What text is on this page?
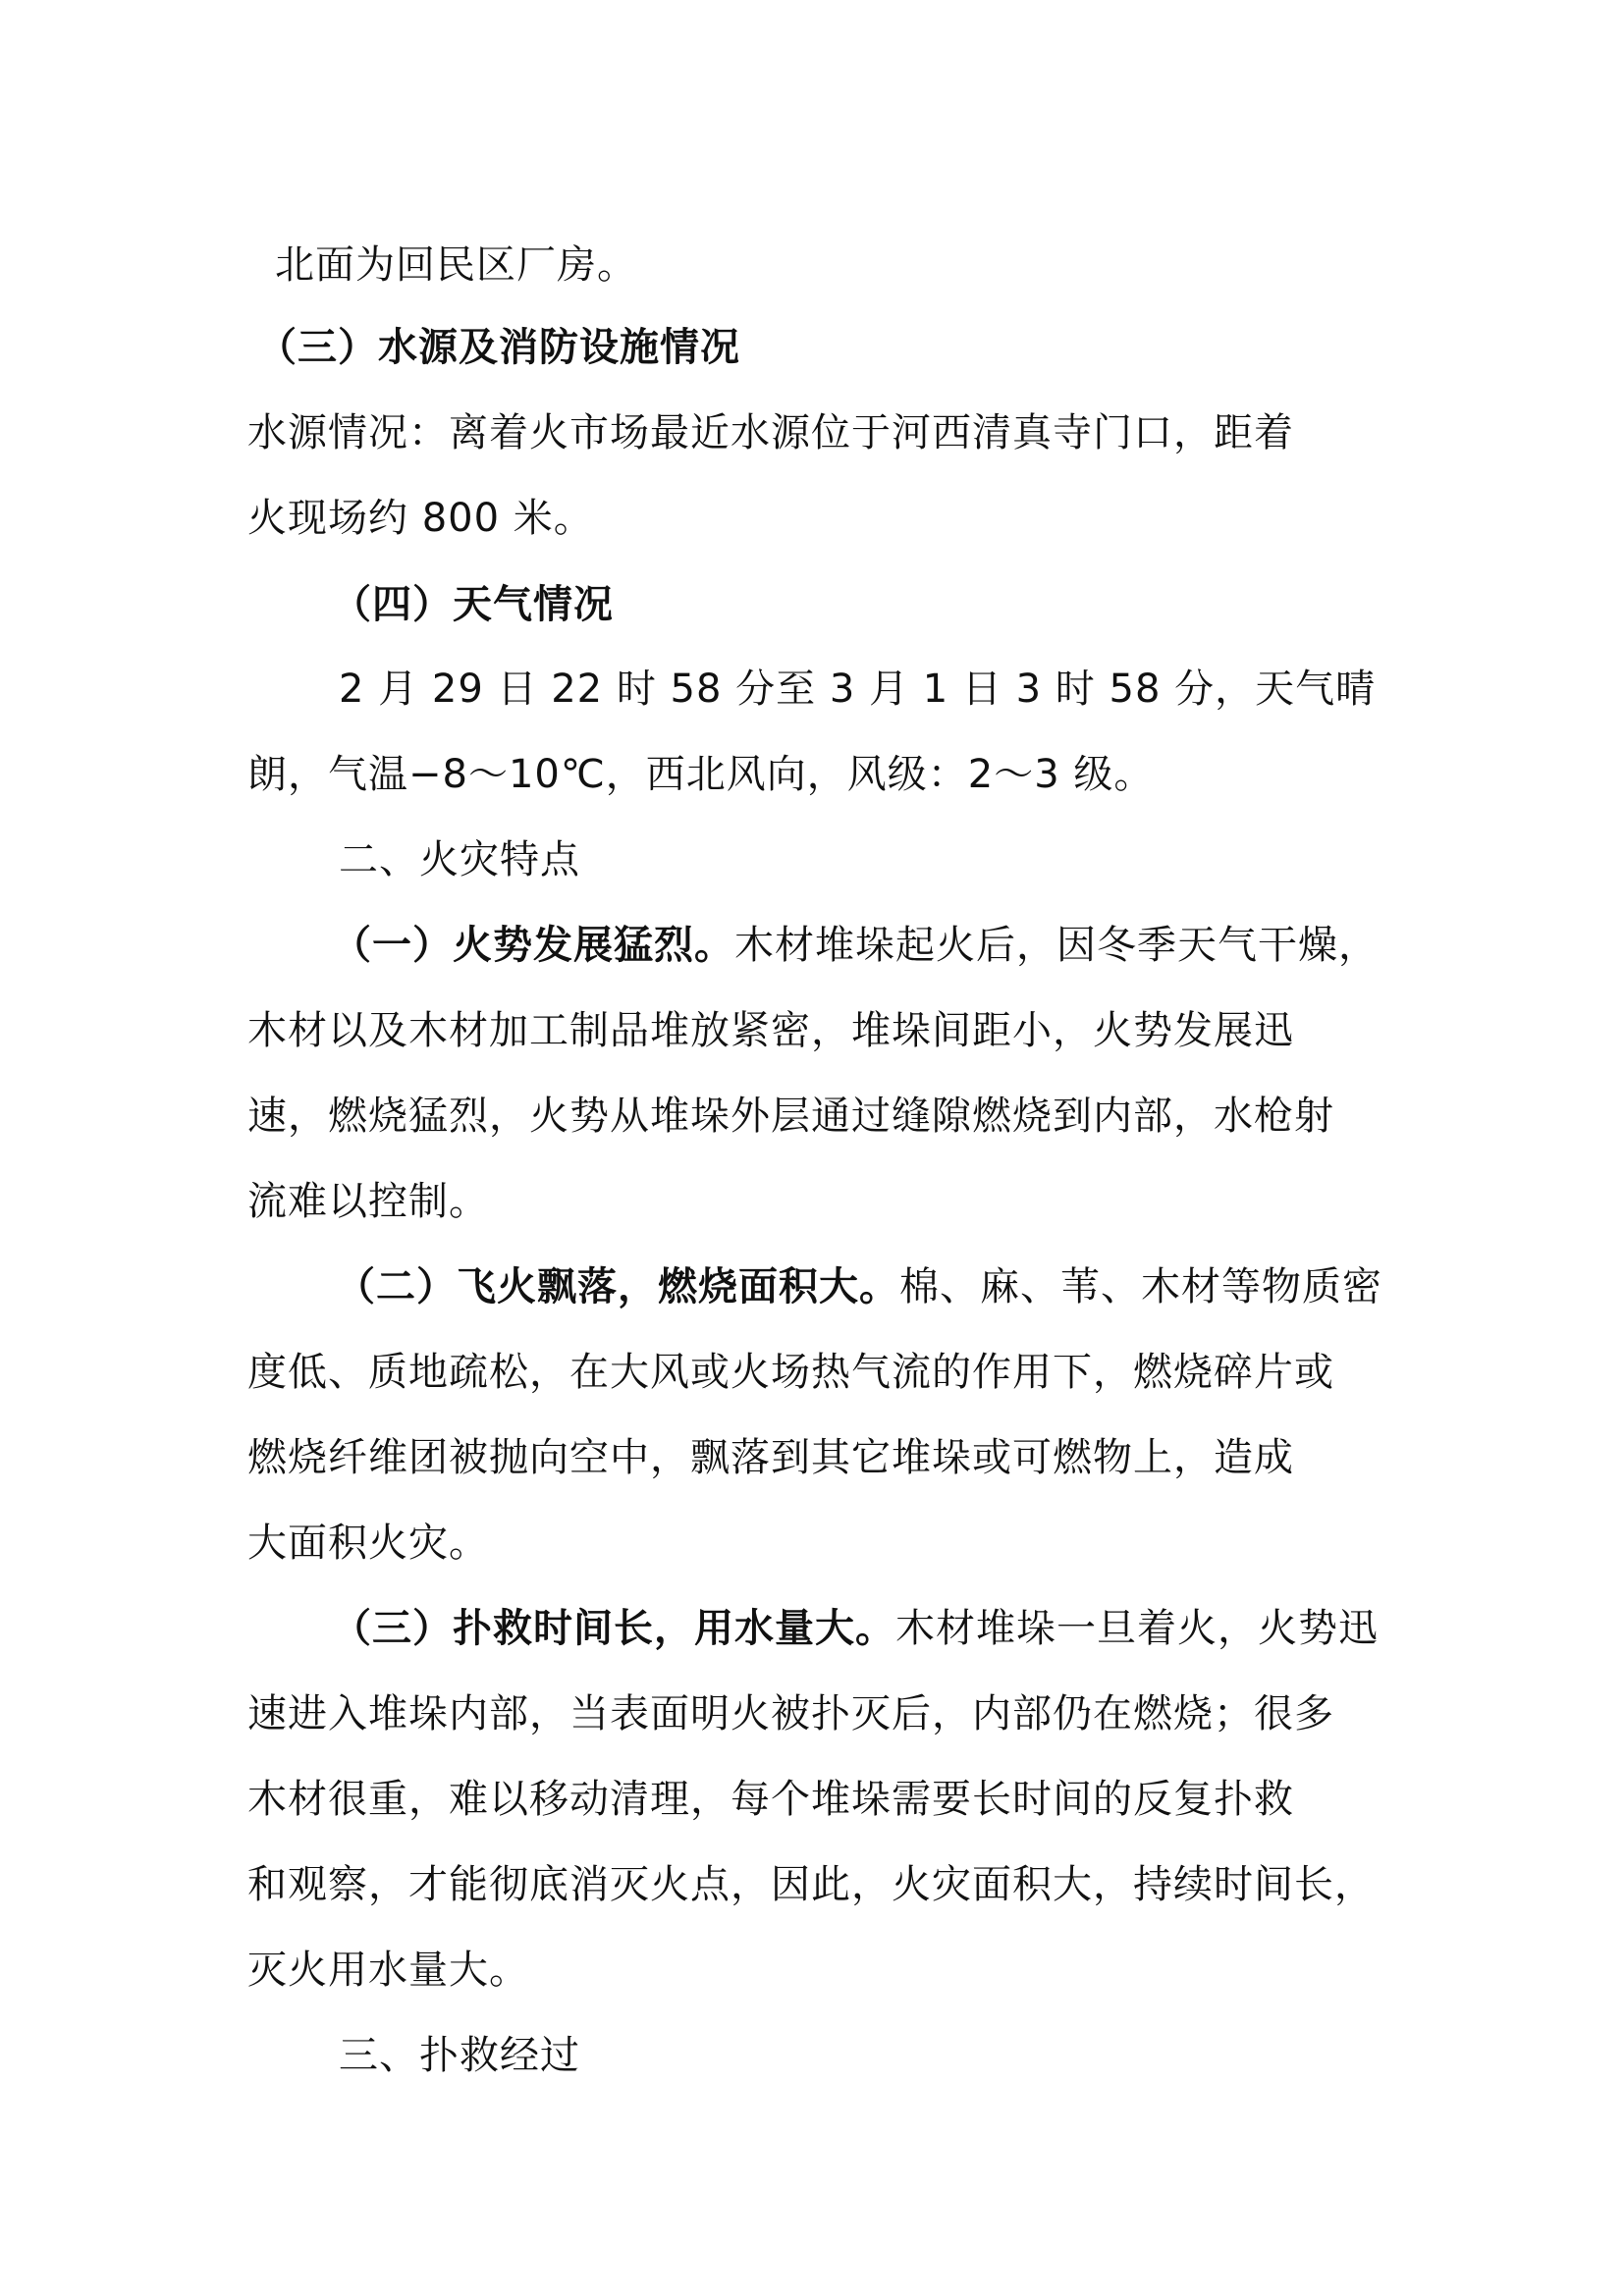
北面为回民区厂房。
（三）水源及消防设施情况
水源情况：离着火市场最近水源位于河西清真寺门口，距着
火现场约 800 米。
（四）天气情况
2 月 29 日 22 时 58 分至 3 月 1 日 3 时 58 分，天气晴
朗，气温−8～10℃，西北风向，风级：2～3 级。
二、火灾特点
（一）火势发展猛烈。木材堆垛起火后，因冬季天气干燥，
木材以及木材加工制品堆放紧密，堆垛间距小，火势发展迅
速，燃烧猛烈，火势从堆垛外层通过缝隙燃烧到内部，水枪射
流难以控制。
（二）飞火飘落，燃烧面积大。棉、麻、苇、木材等物质密
度低、质地疏松，在大风或火场热气流的作用下，燃烧碎片或
燃烧纤维团被抛向空中，飘落到其它堆垛或可燃物上，造成
大面积火灾。
（三）扑救时间长，用水量大。木材堆垛一旦着火，火势迅
速进入堆垛内部，当表面明火被扑灭后，内部仍在燃烧；很多
木材很重，难以移动清理，每个堆垛需要长时间的反复扑救
和观察，才能彻底消灭火点，因此，火灾面积大，持续时间长，
灭火用水量大。
三、扑救经过
